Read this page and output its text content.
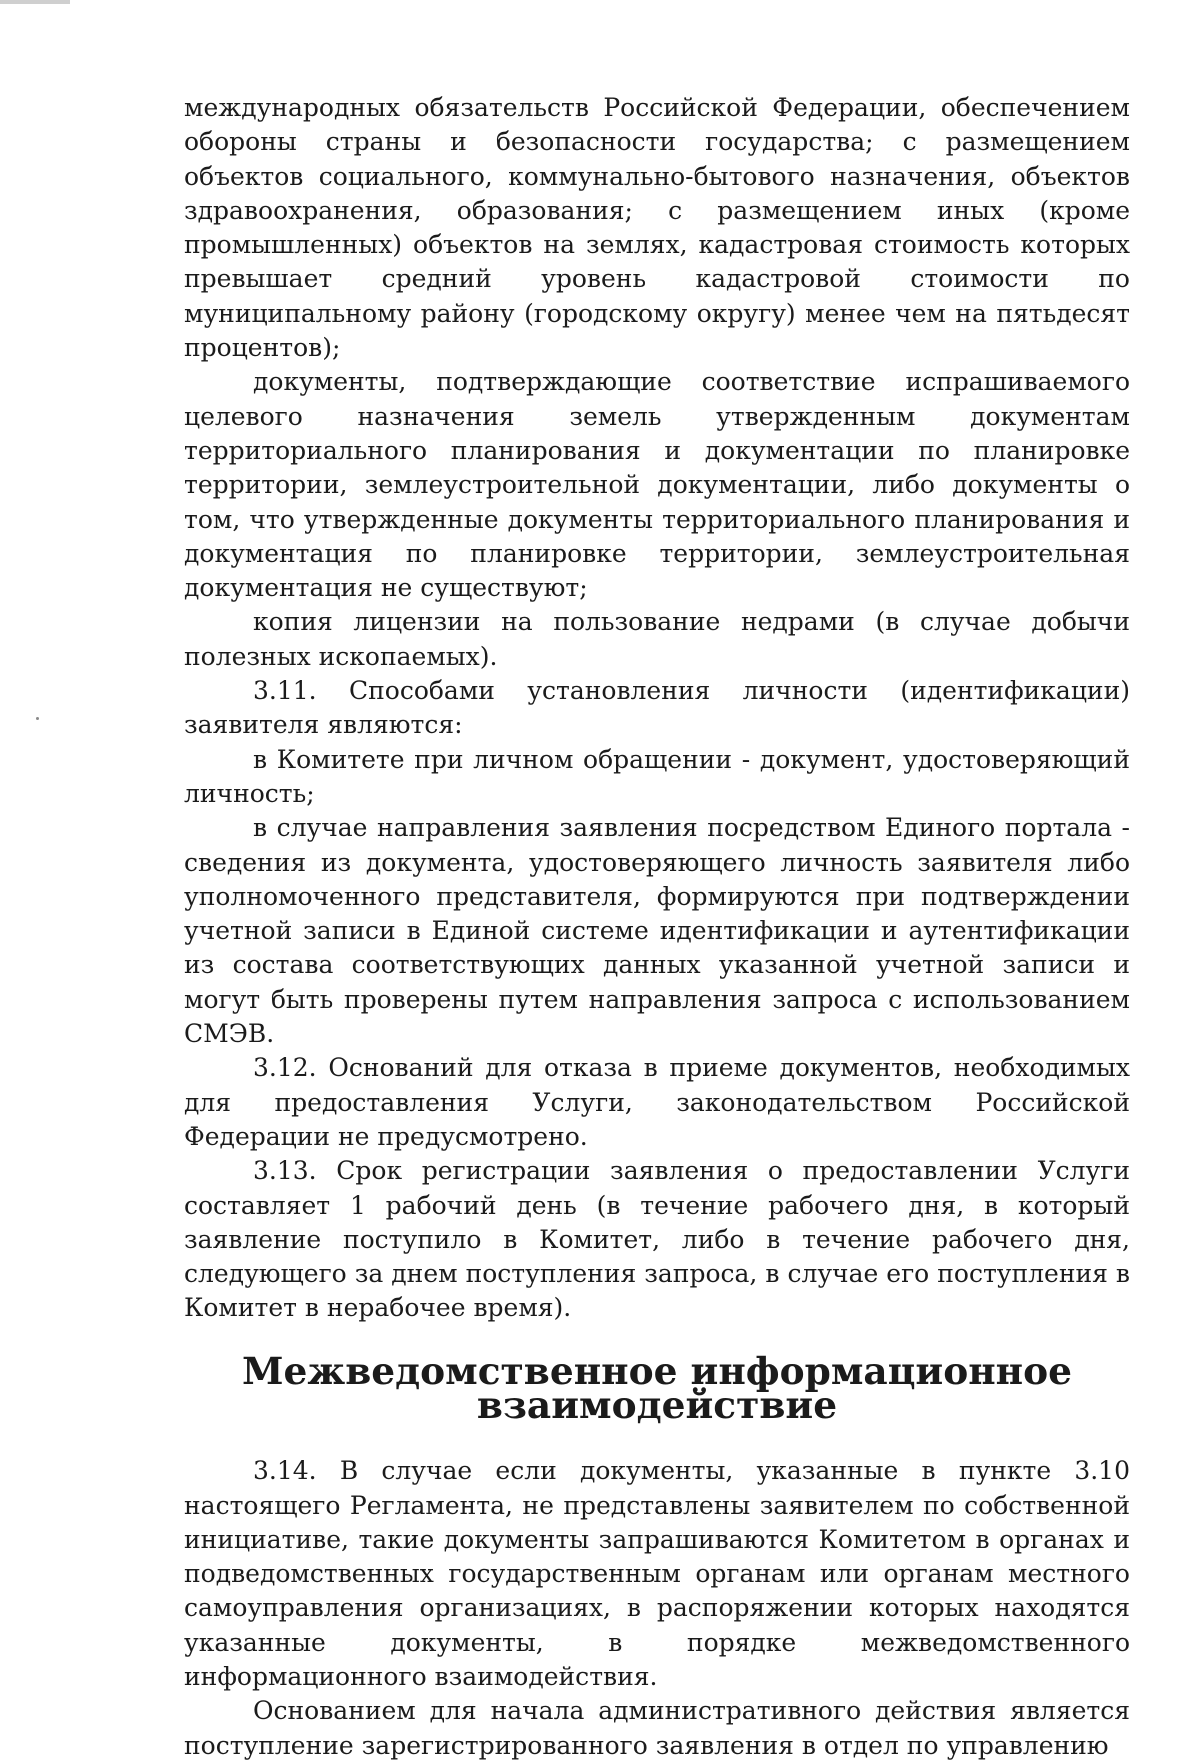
международных обязательств Российской Федерации, обеспечением обороны страны и безопасности государства; с размещением объектов социального, коммунально-бытового назначения, объектов здравоохранения, образования; с размещением иных (кроме промышленных) объектов на землях, кадастровая стоимость которых превышает средний уровень кадастровой стоимости по муниципальному району (городскому округу) менее чем на пятьдесят процентов);

документы, подтверждающие соответствие испрашиваемого целевого назначения земель утвержденным документам территориального планирования и документации по планировке территории, землеустроительной документации, либо документы о том, что утвержденные документы территориального планирования и документация по планировке территории, землеустроительная документация не существуют;

копия лицензии на пользование недрами (в случае добычи полезных ископаемых).

3.11. Способами установления личности (идентификации) заявителя являются:

в Комитете при личном обращении - документ, удостоверяющий личность;

в случае направления заявления посредством Единого портала - сведения из документа, удостоверяющего личность заявителя либо уполномоченного представителя, формируются при подтверждении учетной записи в Единой системе идентификации и аутентификации из состава соответствующих данных указанной учетной записи и могут быть проверены путем направления запроса с использованием СМЭВ.

3.12. Оснований для отказа в приеме документов, необходимых для предоставления Услуги, законодательством Российской Федерации не предусмотрено.

3.13. Срок регистрации заявления о предоставлении Услуги составляет 1 рабочий день (в течение рабочего дня, в который заявление поступило в Комитет, либо в течение рабочего дня, следующего за днем поступления запроса, в случае его поступления в Комитет в нерабочее время).

Межведомственное информационное взаимодействие

3.14. В случае если документы, указанные в пункте 3.10 настоящего Регламента, не представлены заявителем по собственной инициативе, такие документы запрашиваются Комитетом в органах и подведомственных государственным органам или органам местного самоуправления организациях, в распоряжении которых находятся указанные документы, в порядке межведомственного информационного взаимодействия.

Основанием для начала административного действия является поступление зарегистрированного заявления в отдел по управлению
